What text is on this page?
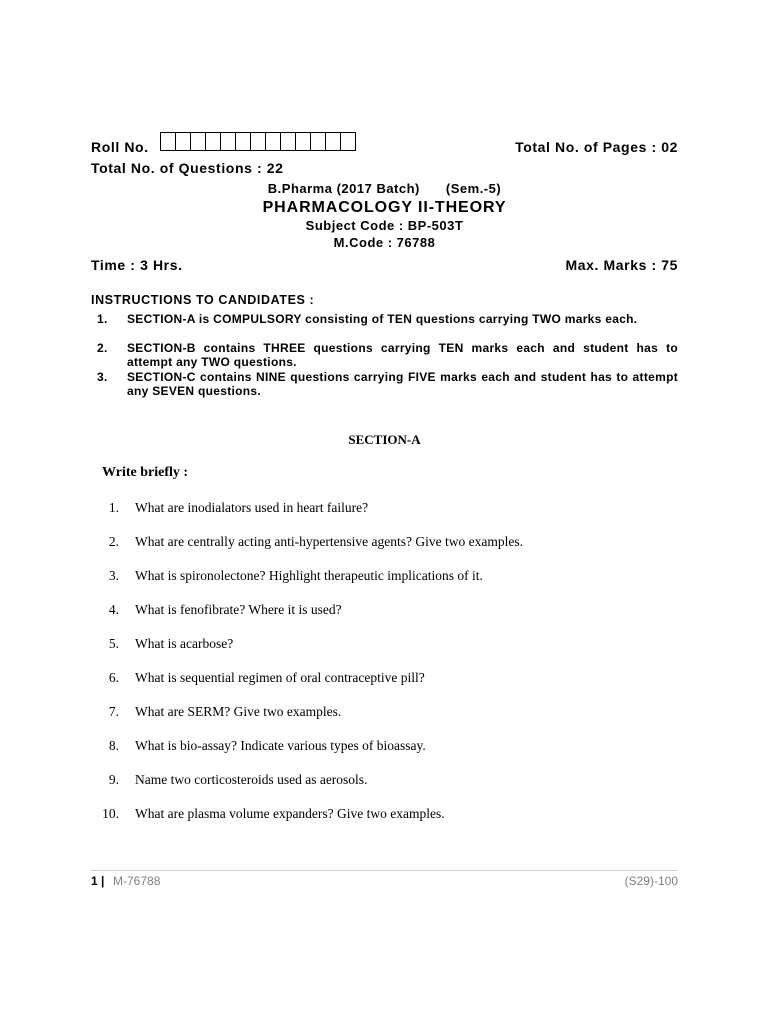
Roll No.	Total No. of Pages : 02
Total No. of Questions : 22
B.Pharma (2017 Batch) (Sem.-5)
PHARMACOLOGY II-THEORY
Subject Code : BP-503T
M.Code : 76788
Time : 3 Hrs.	Max. Marks : 75
INSTRUCTIONS TO CANDIDATES :
1. SECTION-A is COMPULSORY consisting of TEN questions carrying TWO marks each.
2. SECTION-B contains THREE questions carrying TEN marks each and student has to attempt any TWO questions.
3. SECTION-C contains NINE questions carrying FIVE marks each and student has to attempt any SEVEN questions.
SECTION-A
Write briefly :
1. What are inodialators used in heart failure?
2. What are centrally acting anti-hypertensive agents? Give two examples.
3. What is spironolectone? Highlight therapeutic implications of it.
4. What is fenofibrate? Where it is used?
5. What is acarbose?
6. What is sequential regimen of oral contraceptive pill?
7. What are SERM? Give two examples.
8. What is bio-assay? Indicate various types of bioassay.
9. Name two corticosteroids used as aerosols.
10. What are plasma volume expanders? Give two examples.
1 | M-76788	(S29)-100
